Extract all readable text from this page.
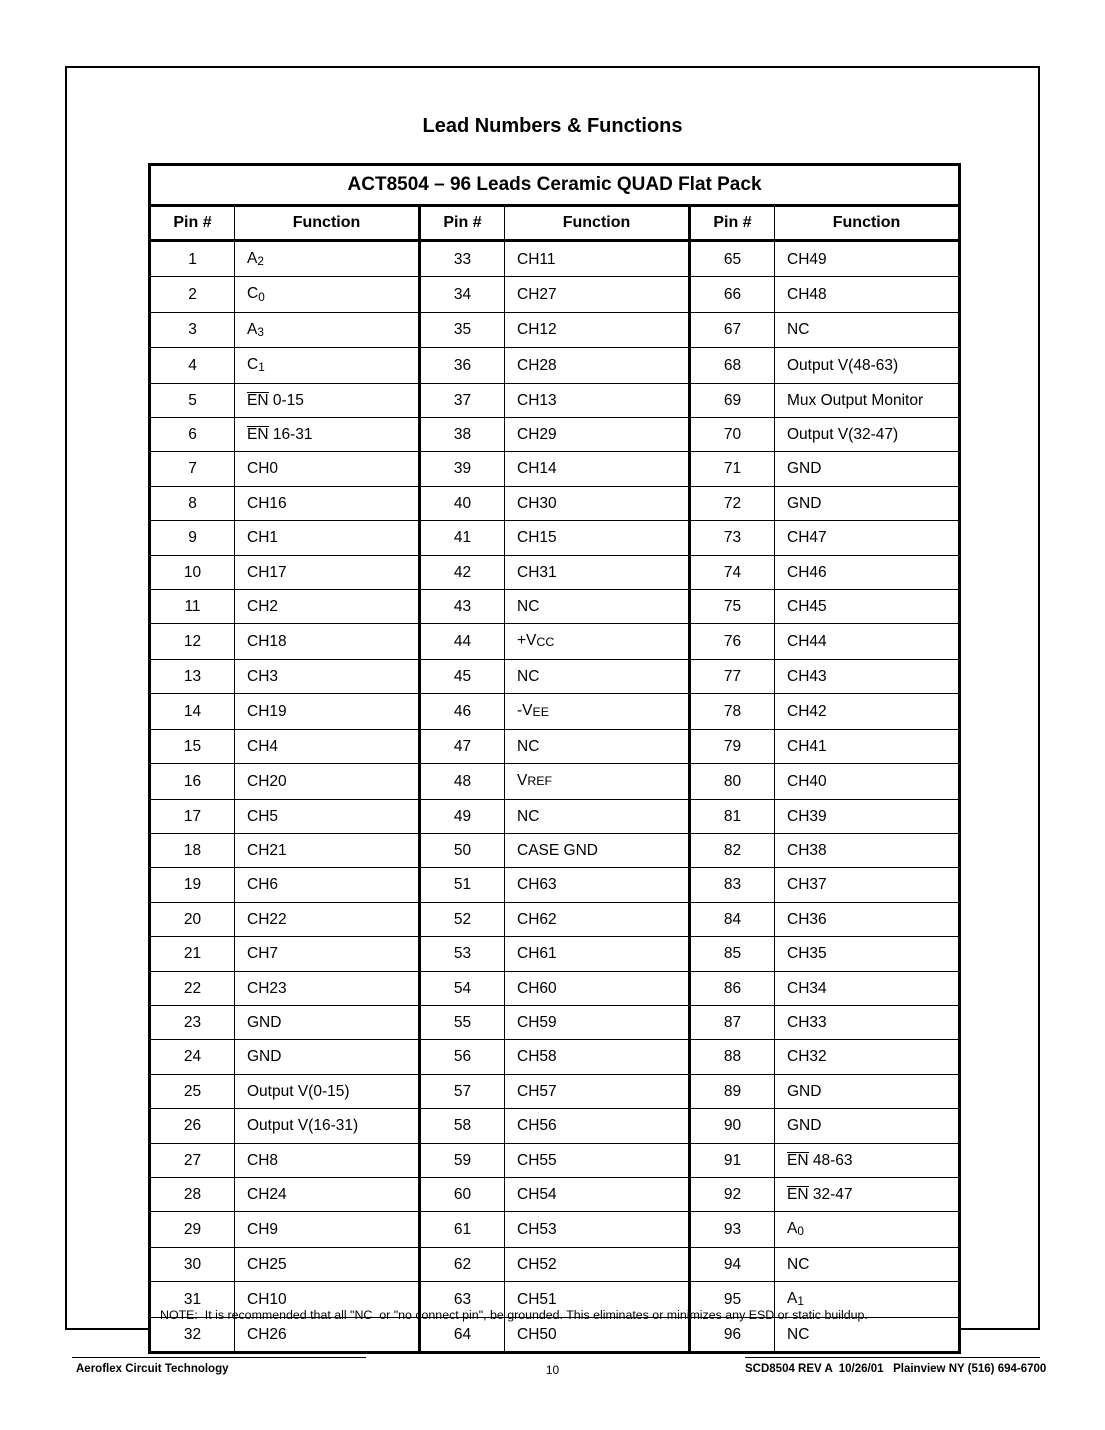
Lead Numbers & Functions
ACT8504 – 96 Leads Ceramic QUAD Flat Pack					
Pin #	Function	Pin #	Function	Pin #	Function
1	$A_2$	33	CH11	65	CH49
2	$C_0$	34	CH27	66	CH48
3	$A_3$	35	CH12	67	NC
4	$C_1$	36	CH28	68	Output V(48-63)
5	EN 0-15	37	CH13	69	Mux Output Monitor
6	EN 16-31	38	CH29	70	Output V(32-47)
7	CH0	39	CH14	71	GND
8	CH16	40	CH30	72	GND
9	CH1	41	CH15	73	CH47
10	CH17	42	CH31	74	CH46
11	CH2	43	NC	75	CH45
12	CH18	44	+VCC	76	CH44
13	CH3	45	NC	77	CH43
14	CH19	46	-VEE	78	CH42
15	CH4	47	NC	79	CH41
16	CH20	48	VREF	80	CH40
17	CH5	49	NC	81	CH39
18	CH21	50	CASE GND	82	CH38
19	CH6	51	CH63	83	CH37
20	CH22	52	CH62	84	CH36
21	CH7	53	CH61	85	CH35
22	CH23	54	CH60	86	CH34
23	GND	55	CH59	87	CH33
24	GND	56	CH58	88	CH32
25	Output V(0-15)	57	CH57	89	GND
26	Output V(16-31)	58	CH56	90	GND
27	CH8	59	CH55	91	EN 48-63
28	CH24	60	CH54	92	EN 32-47
29	CH9	61	CH53	93	$A_0$
30	CH25	62	CH52	94	NC
31	CH10	63	CH51	95	$A_1$
32	CH26	64	CH50	96	NC
NOTE:  It is recommended that all "NC  or "no connect pin", be grounded. This eliminates or minimizes any ESD or static buildup.
Aeroflex Circuit Technology	10	SCD8504 REV A  10/26/01   Plainview NY (516) 694-6700
